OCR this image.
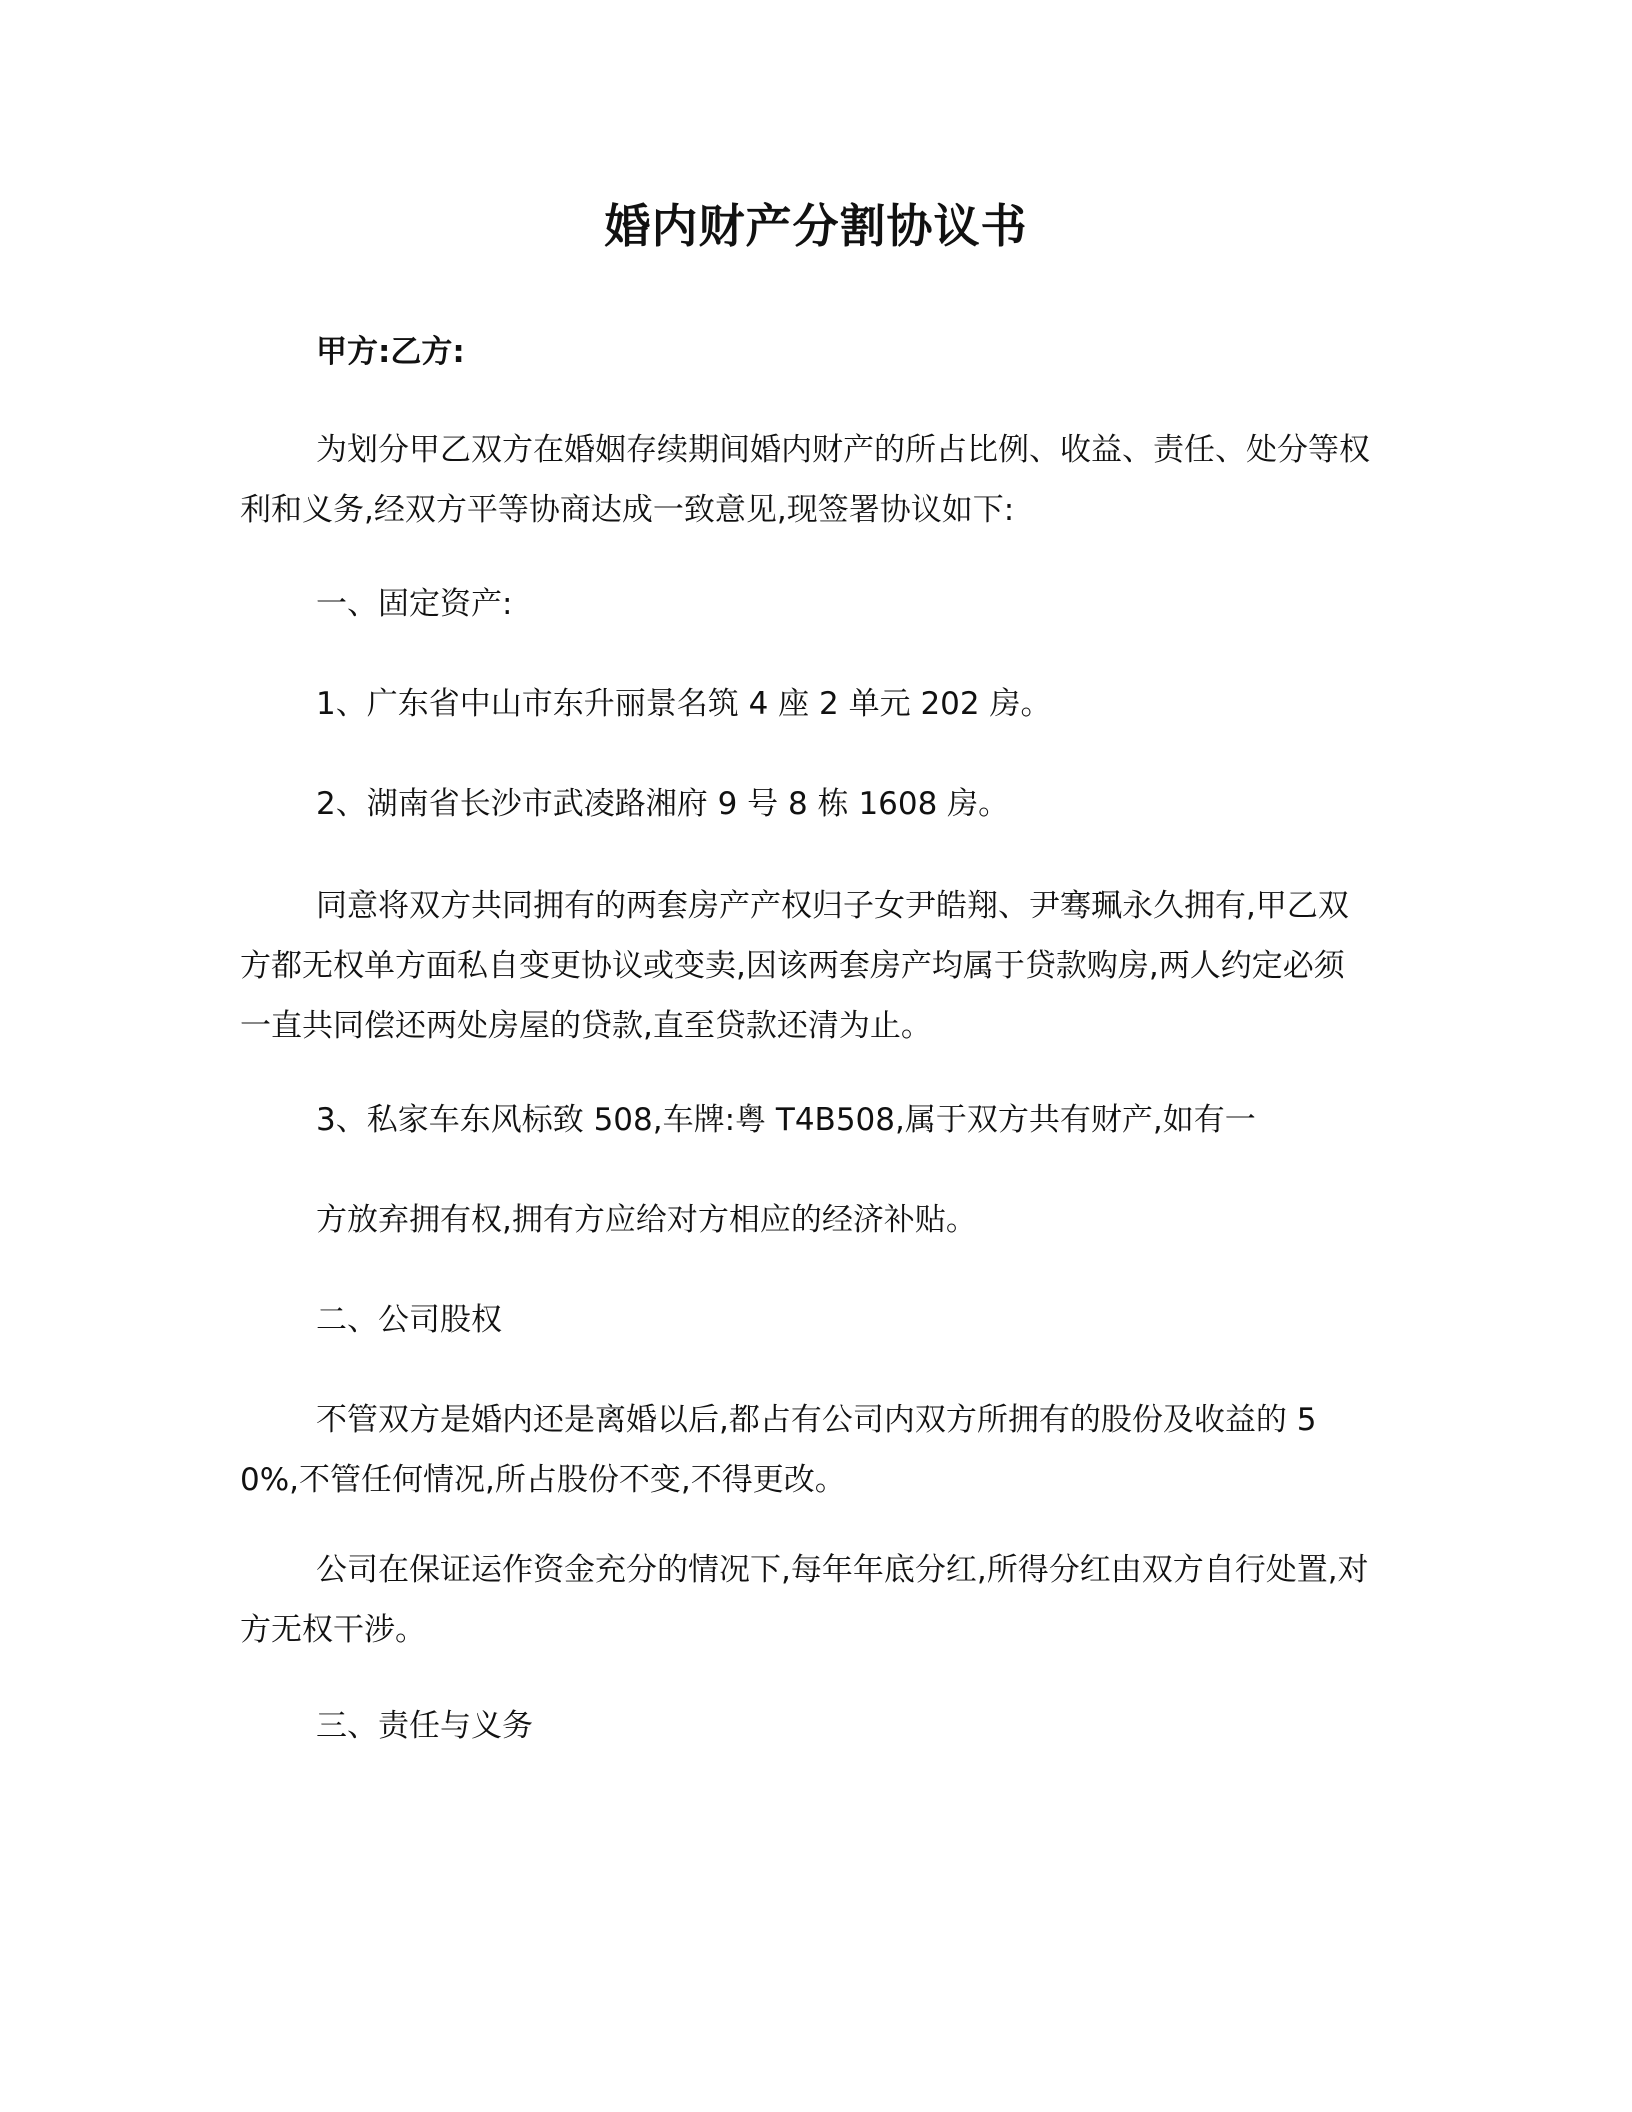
婚内财产分割协议书

甲方:乙方:

为划分甲乙双方在婚姻存续期间婚内财产的所占比例、收益、责任、处分等权利和义务,经双方平等协商达成一致意见,现签署协议如下:

一、固定资产:

1、广东省中山市东升丽景名筑 4 座 2 单元 202 房。

2、湖南省长沙市武凌路湘府 9 号 8 栋 1608 房。

同意将双方共同拥有的两套房产产权归子女尹皓翔、尹骞珮永久拥有,甲乙双方都无权单方面私自变更协议或变卖,因该两套房产均属于贷款购房,两人约定必须一直共同偿还两处房屋的贷款,直至贷款还清为止。

3、私家车东风标致 508,车牌:粤 T4B508,属于双方共有财产,如有一

方放弃拥有权,拥有方应给对方相应的经济补贴。

二、公司股权

不管双方是婚内还是离婚以后,都占有公司内双方所拥有的股份及收益的 50%,不管任何情况,所占股份不变,不得更改。

公司在保证运作资金充分的情况下,每年年底分红,所得分红由双方自行处置,对方无权干涉。

三、责任与义务
